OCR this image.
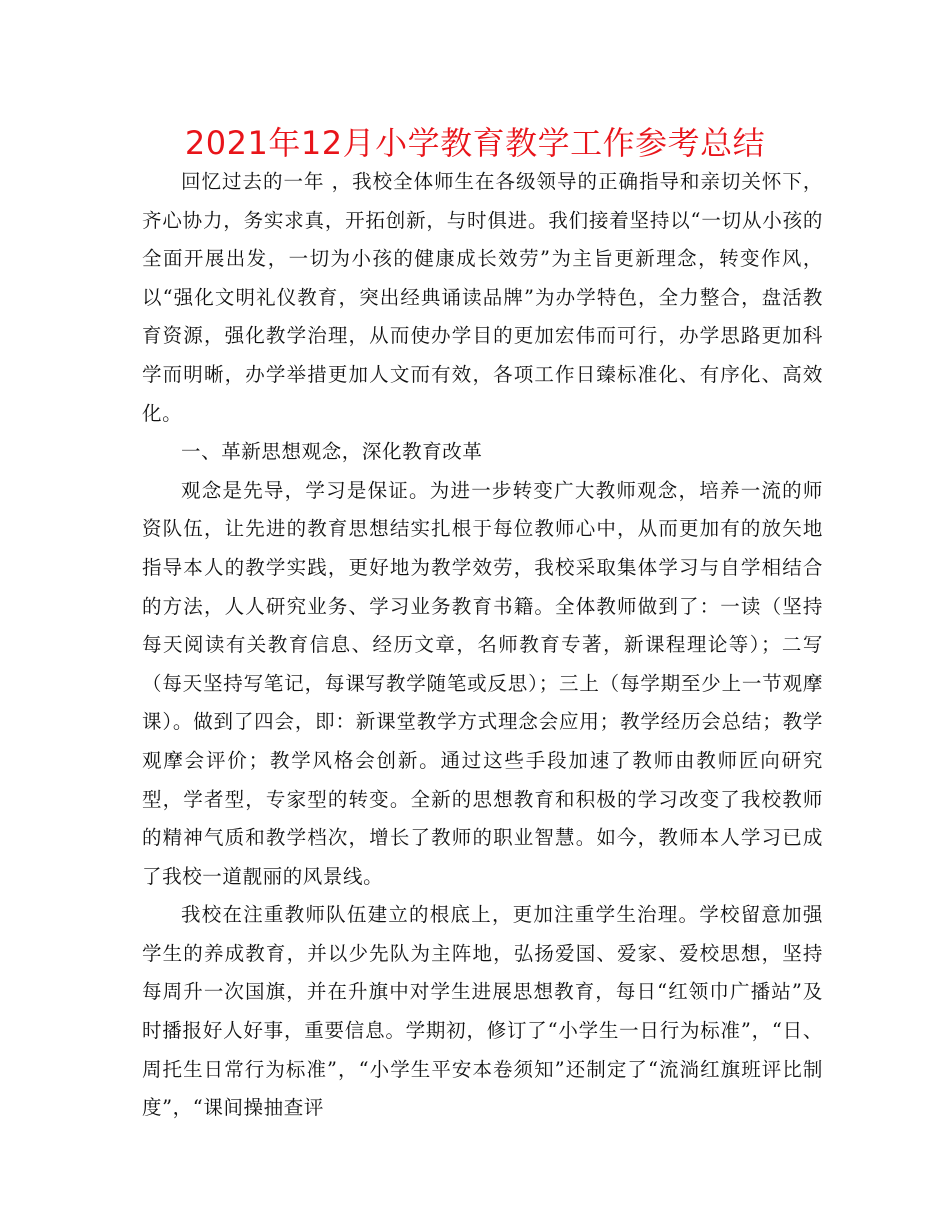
2021年12月小学教育教学工作参考总结

回忆过去的一年 ，我校全体师生在各级领导的正确指导和亲切关怀下，齐心协力，务实求真，开拓创新，与时俱进。我们接着坚持以“一切从小孩的全面开展出发，一切为小孩的健康成长效劳”为主旨更新理念，转变作风，以“强化文明礼仪教育，突出经典诵读品牌”为办学特色，全力整合，盘活教育资源，强化教学治理，从而使办学目的更加宏伟而可行，办学思路更加科学而明晰，办学举措更加人文而有效，各项工作日臻标准化、有序化、高效化。

一、革新思想观念，深化教育改革

观念是先导，学习是保证。为进一步转变广大教师观念，培养一流的师资队伍，让先进的教育思想结实扎根于每位教师心中，从而更加有的放矢地指导本人的教学实践，更好地为教学效劳，我校采取集体学习与自学相结合的方法，人人研究业务、学习业务教育书籍。全体教师做到了：一读（坚持每天阅读有关教育信息、经历文章，名师教育专著，新课程理论等）；二写（每天坚持写笔记，每课写教学随笔或反思）；三上（每学期至少上一节观摩课）。做到了四会，即：新课堂教学方式理念会应用；教学经历会总结；教学观摩会评价；教学风格会创新。通过这些手段加速了教师由教师匠向研究型，学者型，专家型的转变。全新的思想教育和积极的学习改变了我校教师的精神气质和教学档次，增长了教师的职业智慧。如今，教师本人学习已成了我校一道靓丽的风景线。

我校在注重教师队伍建立的根底上，更加注重学生治理。学校留意加强学生的养成教育，并以少先队为主阵地，弘扬爱国、爱家、爱校思想，坚持每周升一次国旗，并在升旗中对学生进展思想教育，每日“红领巾广播站”及时播报好人好事，重要信息。学期初，修订了“小学生一日行为标准”，“日、周托生日常行为标准”，“小学生平安本卷须知”还制定了“流淌红旗班评比制度”，“课间操抽查评
